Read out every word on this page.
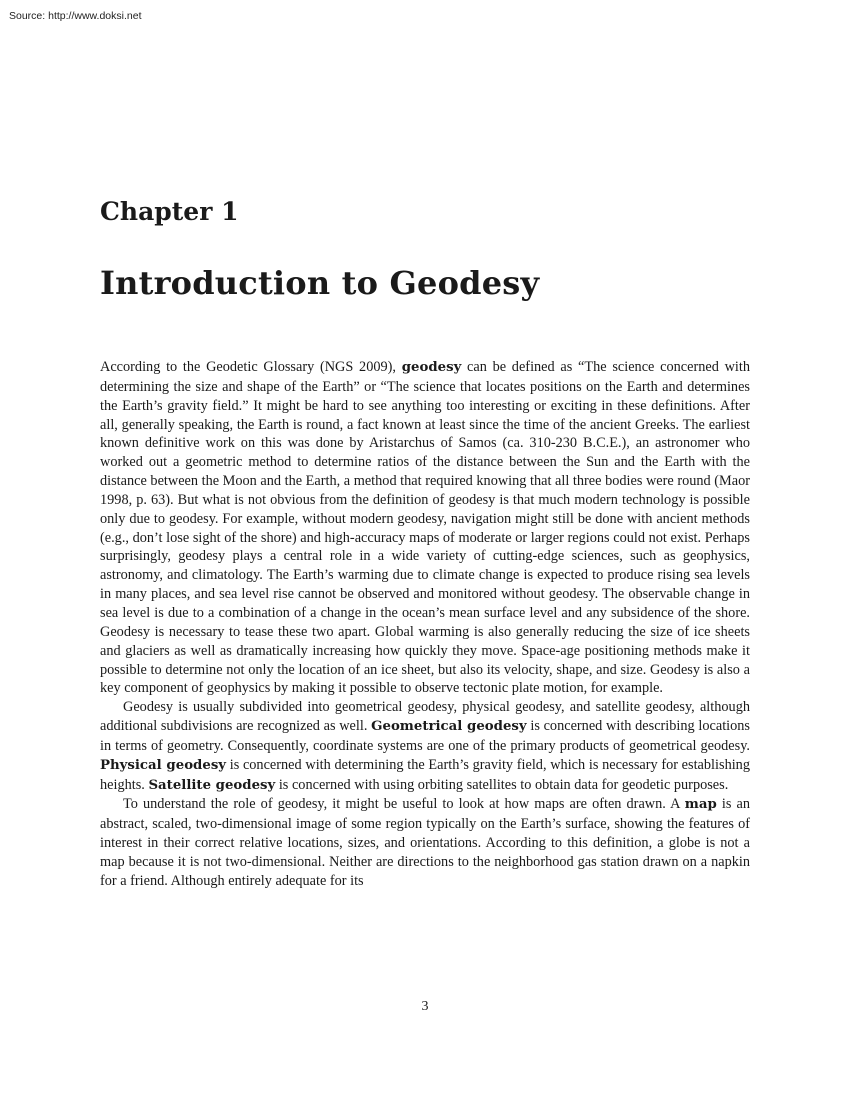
Source: http://www.doksi.net
Chapter 1
Introduction to Geodesy

According to the Geodetic Glossary (NGS 2009), geodesy can be defined as “The science concerned with determining the size and shape of the Earth” or “The science that locates positions on the Earth and determines the Earth’s gravity field.” It might be hard to see anything too interesting or exciting in these definitions. After all, generally speaking, the Earth is round, a fact known at least since the time of the ancient Greeks. The earliest known definitive work on this was done by Aristarchus of Samos (ca. 310-230 B.C.E.), an astronomer who worked out a geometric method to determine ratios of the distance between the Sun and the Earth with the distance between the Moon and the Earth, a method that required knowing that all three bodies were round (Maor 1998, p. 63). But what is not obvious from the definition of geodesy is that much modern technology is possible only due to geodesy. For example, without modern geodesy, navigation might still be done with ancient methods (e.g., don’t lose sight of the shore) and high-accuracy maps of moderate or larger regions could not exist. Perhaps surprisingly, geodesy plays a central role in a wide variety of cutting-edge sciences, such as geophysics, astronomy, and climatology. The Earth’s warming due to climate change is expected to produce rising sea levels in many places, and sea level rise cannot be observed and monitored without geodesy. The observable change in sea level is due to a combination of a change in the ocean’s mean surface level and any subsidence of the shore. Geodesy is necessary to tease these two apart. Global warming is also generally reducing the size of ice sheets and glaciers as well as dramatically increasing how quickly they move. Space-age positioning methods make it possible to determine not only the location of an ice sheet, but also its velocity, shape, and size. Geodesy is also a key component of geophysics by making it possible to observe tectonic plate motion, for example.

Geodesy is usually subdivided into geometrical geodesy, physical geodesy, and satellite geodesy, although additional subdivisions are recognized as well. Geometrical geodesy is concerned with describing locations in terms of geometry. Consequently, coordinate systems are one of the primary products of geometrical geodesy. Physical geodesy is concerned with determining the Earth’s gravity field, which is necessary for establishing heights. Satellite geodesy is concerned with using orbiting satellites to obtain data for geodetic purposes.

To understand the role of geodesy, it might be useful to look at how maps are often drawn. A map is an abstract, scaled, two-dimensional image of some region typically on the Earth’s surface, showing the features of interest in their correct relative locations, sizes, and orientations. According to this definition, a globe is not a map because it is not two-dimensional. Neither are directions to the neighborhood gas station drawn on a napkin for a friend. Although entirely adequate for its

3
